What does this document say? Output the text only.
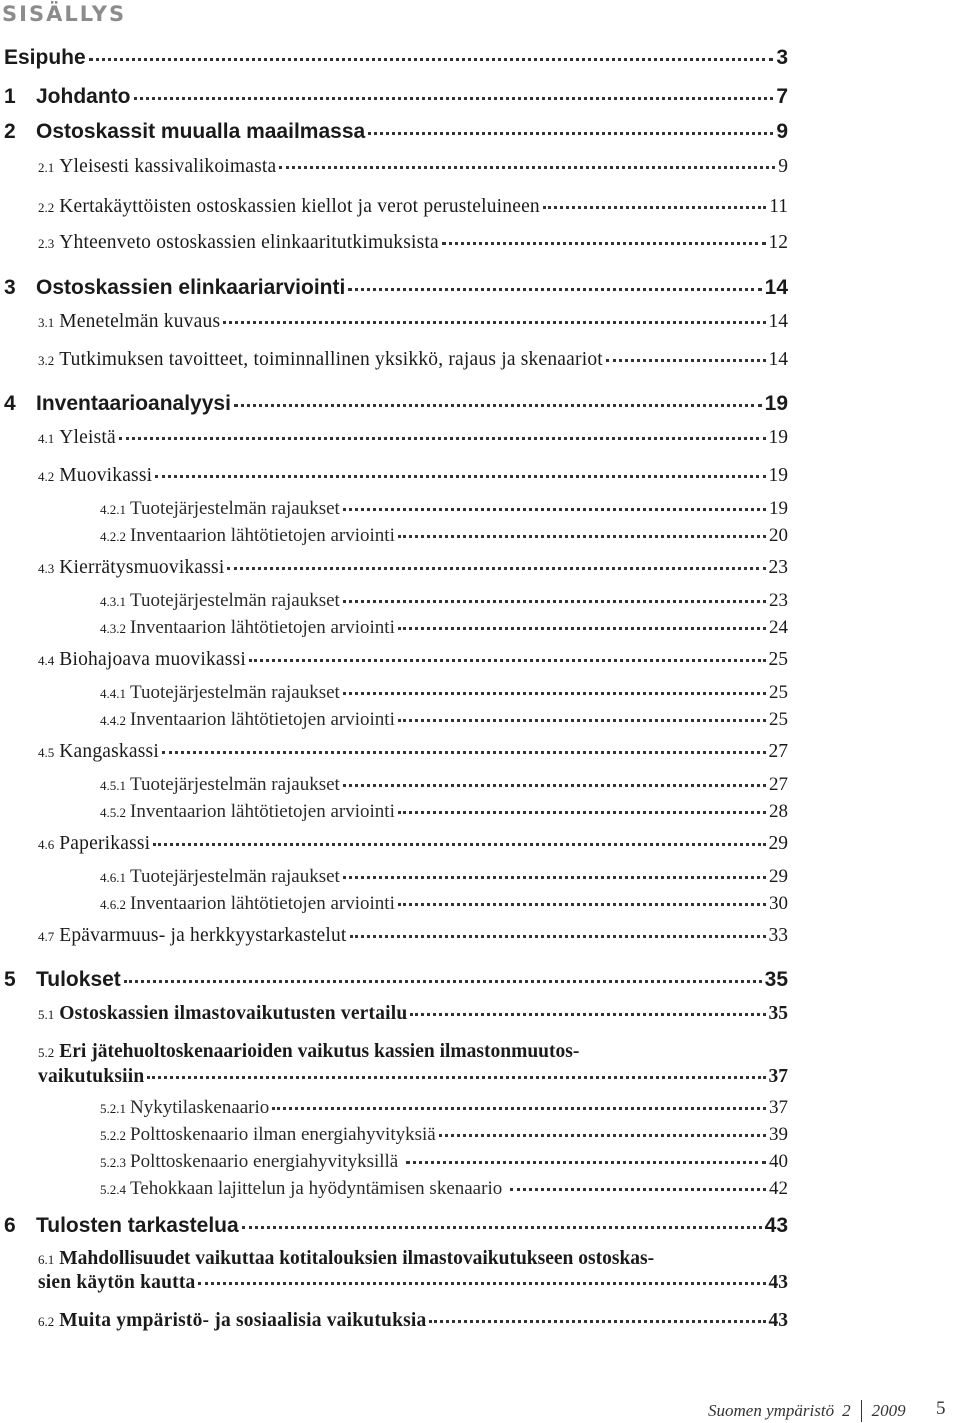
SISÄLLYS
Esipuhe	3
1 Johdanto	7
2 Ostoskassit muualla maailmassa	9
2.1 Yleisesti kassivalikoimasta	9
2.2 Kertakäyttöisten ostoskassien kiellot ja verot perusteluineen	11
2.3 Yhteenveto ostoskassien elinkaaritutkimuksista	12
3 Ostoskassien elinkaariarviointi	14
3.1 Menetelmän kuvaus	14
3.2 Tutkimuksen tavoitteet, toiminnallinen yksikkö, rajaus ja skenaariot	14
4 Inventaarioanalyysi	19
4.1 Yleistä	19
4.2 Muovikassi	19
4.2.1 Tuotejärjestelmän rajaukset	19
4.2.2 Inventaarion lähtötietojen arviointi	20
4.3 Kierrätysmuovikassi	23
4.3.1 Tuotejärjestelmän rajaukset	23
4.3.2 Inventaarion lähtötietojen arviointi	24
4.4 Biohajoava muovikassi	25
4.4.1 Tuotejärjestelmän rajaukset	25
4.4.2 Inventaarion lähtötietojen arviointi	25
4.5 Kangaskassi	27
4.5.1 Tuotejärjestelmän rajaukset	27
4.5.2 Inventaarion lähtötietojen arviointi	28
4.6 Paperikassi	29
4.6.1 Tuotejärjestelmän rajaukset	29
4.6.2 Inventaarion lähtötietojen arviointi	30
4.7 Epävarmuus- ja herkkyystarkastelut	33
5 Tulokset	35
5.1 Ostoskassien ilmastovaikutusten vertailu	35
5.2 Eri jätehuoltoskenaarioiden vaikutus kassien ilmastonmuutos-
vaikutuksiin	37
5.2.1 Nykytilaskenaario	37
5.2.2 Polttoskenaario ilman energiahyvityksiä	39
5.2.3 Polttoskenaario energiahyvityksillä	40
5.2.4 Tehokkaan lajittelun ja hyödyntämisen skenaario	42
6 Tulosten tarkastelua	43
6.1 Mahdollisuudet vaikuttaa kotitalouksien ilmastovaikutukseen ostoskas-
sien käytön kautta	43
6.2 Muita ympäristö- ja sosiaalisia vaikutuksia	43
Suomen ympäristö 2 2009 5
